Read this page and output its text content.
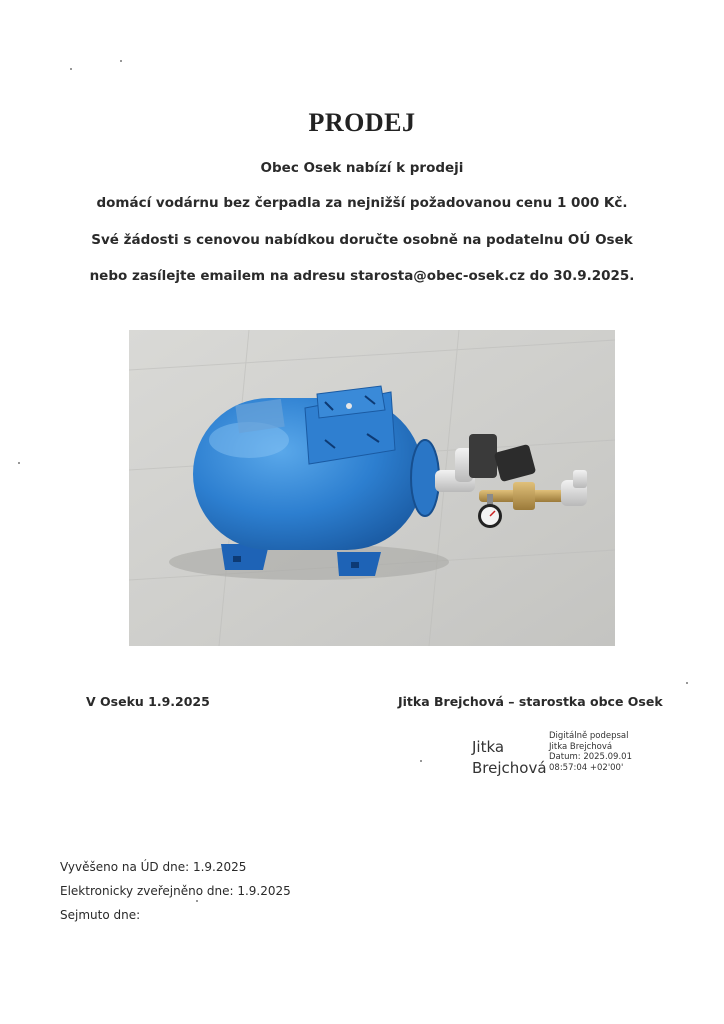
PRODEJ
Obec Osek nabízí k prodeji
domácí vodárnu bez čerpadla za nejnižší požadovanou cenu 1 000 Kč.
Své žádosti s cenovou nabídkou doručte osobně na podatelnu OÚ Osek
nebo zasílejte emailem na adresu starosta@obec-osek.cz do 30.9.2025.
V Oseku 1.9.2025	Jitka Brejchová – starostka obce Osek
Jitka
Brejchová
Digitálně podepsal
Jitka Brejchová
Datum: 2025.09.01
08:57:04 +02'00'
Vyvěšeno na ÚD dne: 1.9.2025
Elektronicky zveřejněno dne: 1.9.2025
Sejmuto dne:
